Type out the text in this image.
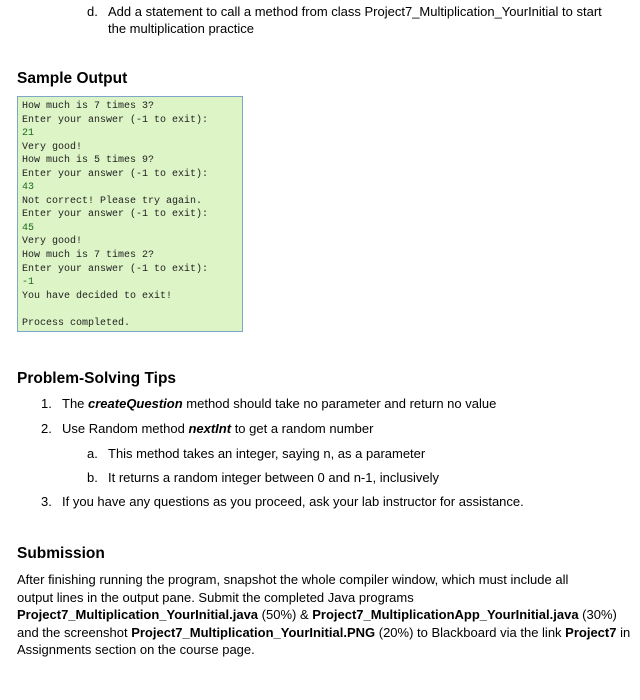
d. Add a statement to call a method from class Project7_Multiplication_YourInitial to start
the multiplication practice
Sample Output
How much is 7 times 3?
Enter your answer (-1 to exit):
21
Very good!
How much is 5 times 9?
Enter your answer (-1 to exit):
43
Not correct! Please try again.
Enter your answer (-1 to exit):
45
Very good!
How much is 7 times 2?
Enter your answer (-1 to exit):
-1
You have decided to exit!
Process completed.
Problem-Solving Tips
1. The createQuestion method should take no parameter and return no value
2. Use Random method nextInt to get a random number
a. This method takes an integer, saying n, as a parameter
b. It returns a random integer between 0 and n-1, inclusively
3. If you have any questions as you proceed, ask your lab instructor for assistance.
Submission

After finishing running the program, snapshot the whole compiler window, which must include all

output lines in the output pane. Submit the completed Java programs

Project7_Multiplication_YourInitial.java (50%) & Project7_MultiplicationApp_YourInitial.java (30%)

and the screenshot Project7_Multiplication_YourInitial.PNG (20%) to Blackboard via the link Project7 in

Assignments section on the course page.
